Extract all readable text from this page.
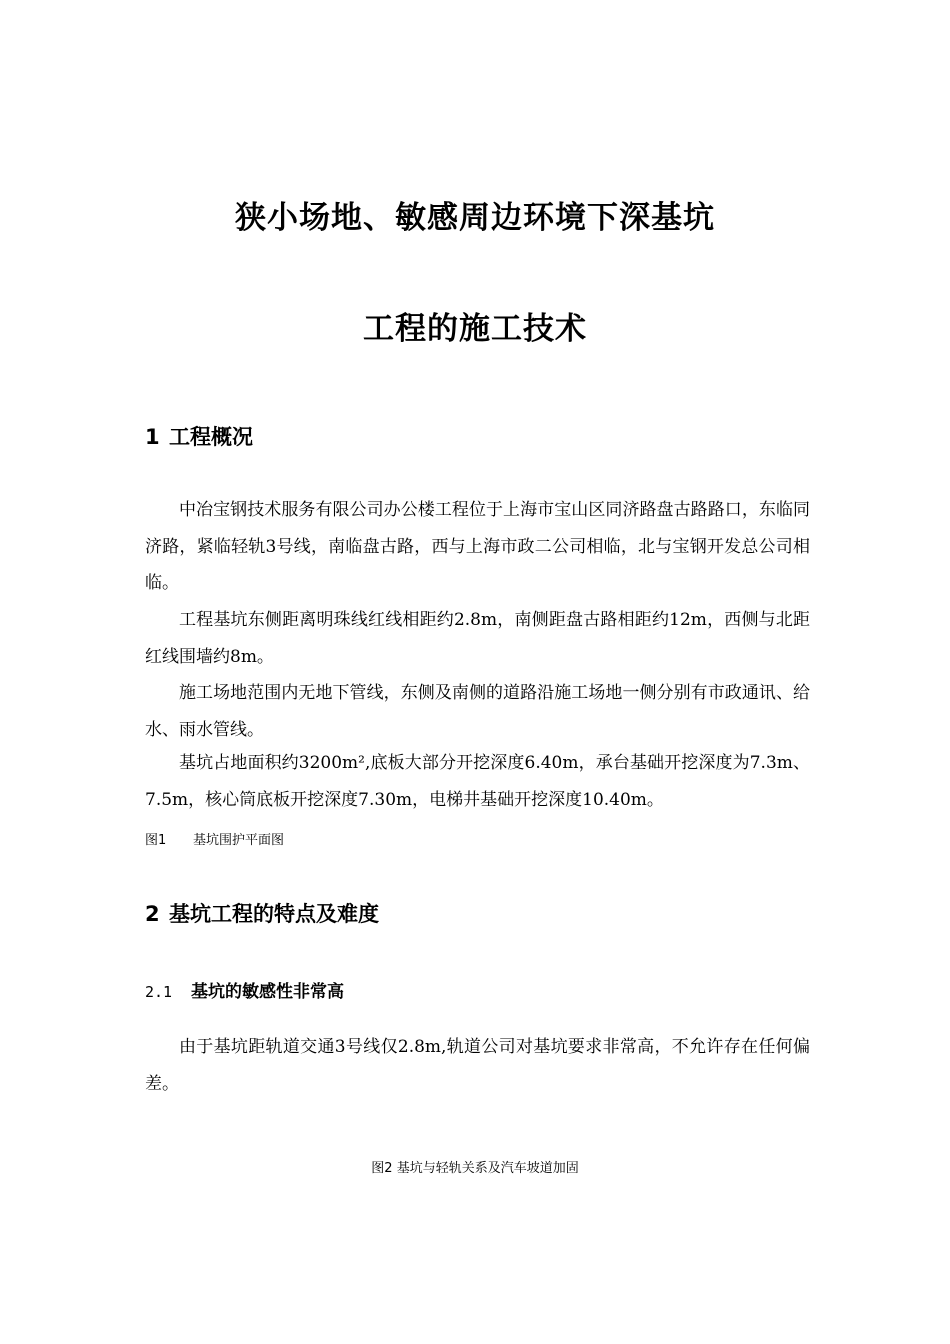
狭小场地、敏感周边环境下深基坑
工程的施工技术
1 工程概况

中冶宝钢技术服务有限公司办公楼工程位于上海市宝山区同济路盘古路路口，东临同济路，紧临轻轨3号线，南临盘古路，西与上海市政二公司相临，北与宝钢开发总公司相临。

工程基坑东侧距离明珠线红线相距约2.8m，南侧距盘古路相距约12m，西侧与北距红线围墙约8m。

施工场地范围内无地下管线，东侧及南侧的道路沿施工场地一侧分别有市政通讯、给水、雨水管线。

基坑占地面积约3200m²,底板大部分开挖深度6.40m，承台基础开挖深度为7.3m、7.5m，核心筒底板开挖深度7.30m，电梯井基础开挖深度10.40m。

图1 基坑围护平面图
2 基坑工程的特点及难度
2.1 基坑的敏感性非常高

由于基坑距轨道交通3号线仅2.8m,轨道公司对基坑要求非常高，不允许存在任何偏差。

图2 基坑与轻轨关系及汽车坡道加固
